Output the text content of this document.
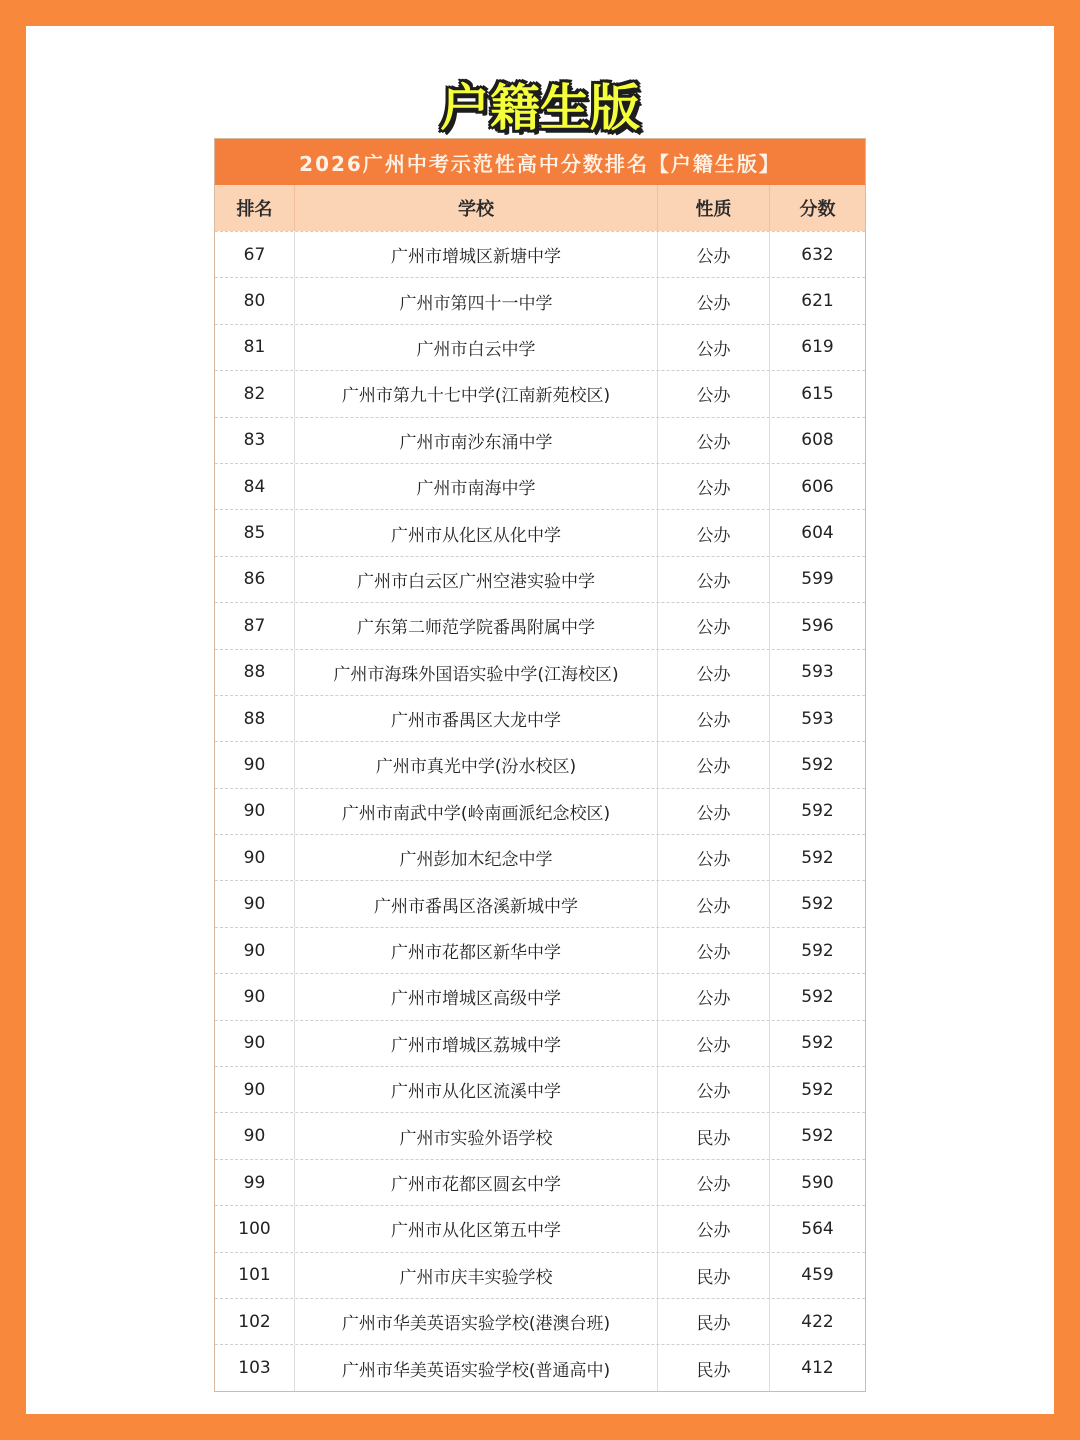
户籍生版
2026广州中考示范性高中分数排名【户籍生版】
排名	学校	性质	分数
67	广州市增城区新塘中学	公办	632
80	广州市第四十一中学	公办	621
81	广州市白云中学	公办	619
82	广州市第九十七中学(江南新苑校区)	公办	615
83	广州市南沙东涌中学	公办	608
84	广州市南海中学	公办	606
85	广州市从化区从化中学	公办	604
86	广州市白云区广州空港实验中学	公办	599
87	广东第二师范学院番禺附属中学	公办	596
88	广州市海珠外国语实验中学(江海校区)	公办	593
88	广州市番禺区大龙中学	公办	593
90	广州市真光中学(汾水校区)	公办	592
90	广州市南武中学(岭南画派纪念校区)	公办	592
90	广州彭加木纪念中学	公办	592
90	广州市番禺区洛溪新城中学	公办	592
90	广州市花都区新华中学	公办	592
90	广州市增城区高级中学	公办	592
90	广州市增城区荔城中学	公办	592
90	广州市从化区流溪中学	公办	592
90	广州市实验外语学校	民办	592
99	广州市花都区圆玄中学	公办	590
100	广州市从化区第五中学	公办	564
101	广州市庆丰实验学校	民办	459
102	广州市华美英语实验学校(港澳台班)	民办	422
103	广州市华美英语实验学校(普通高中)	民办	412
